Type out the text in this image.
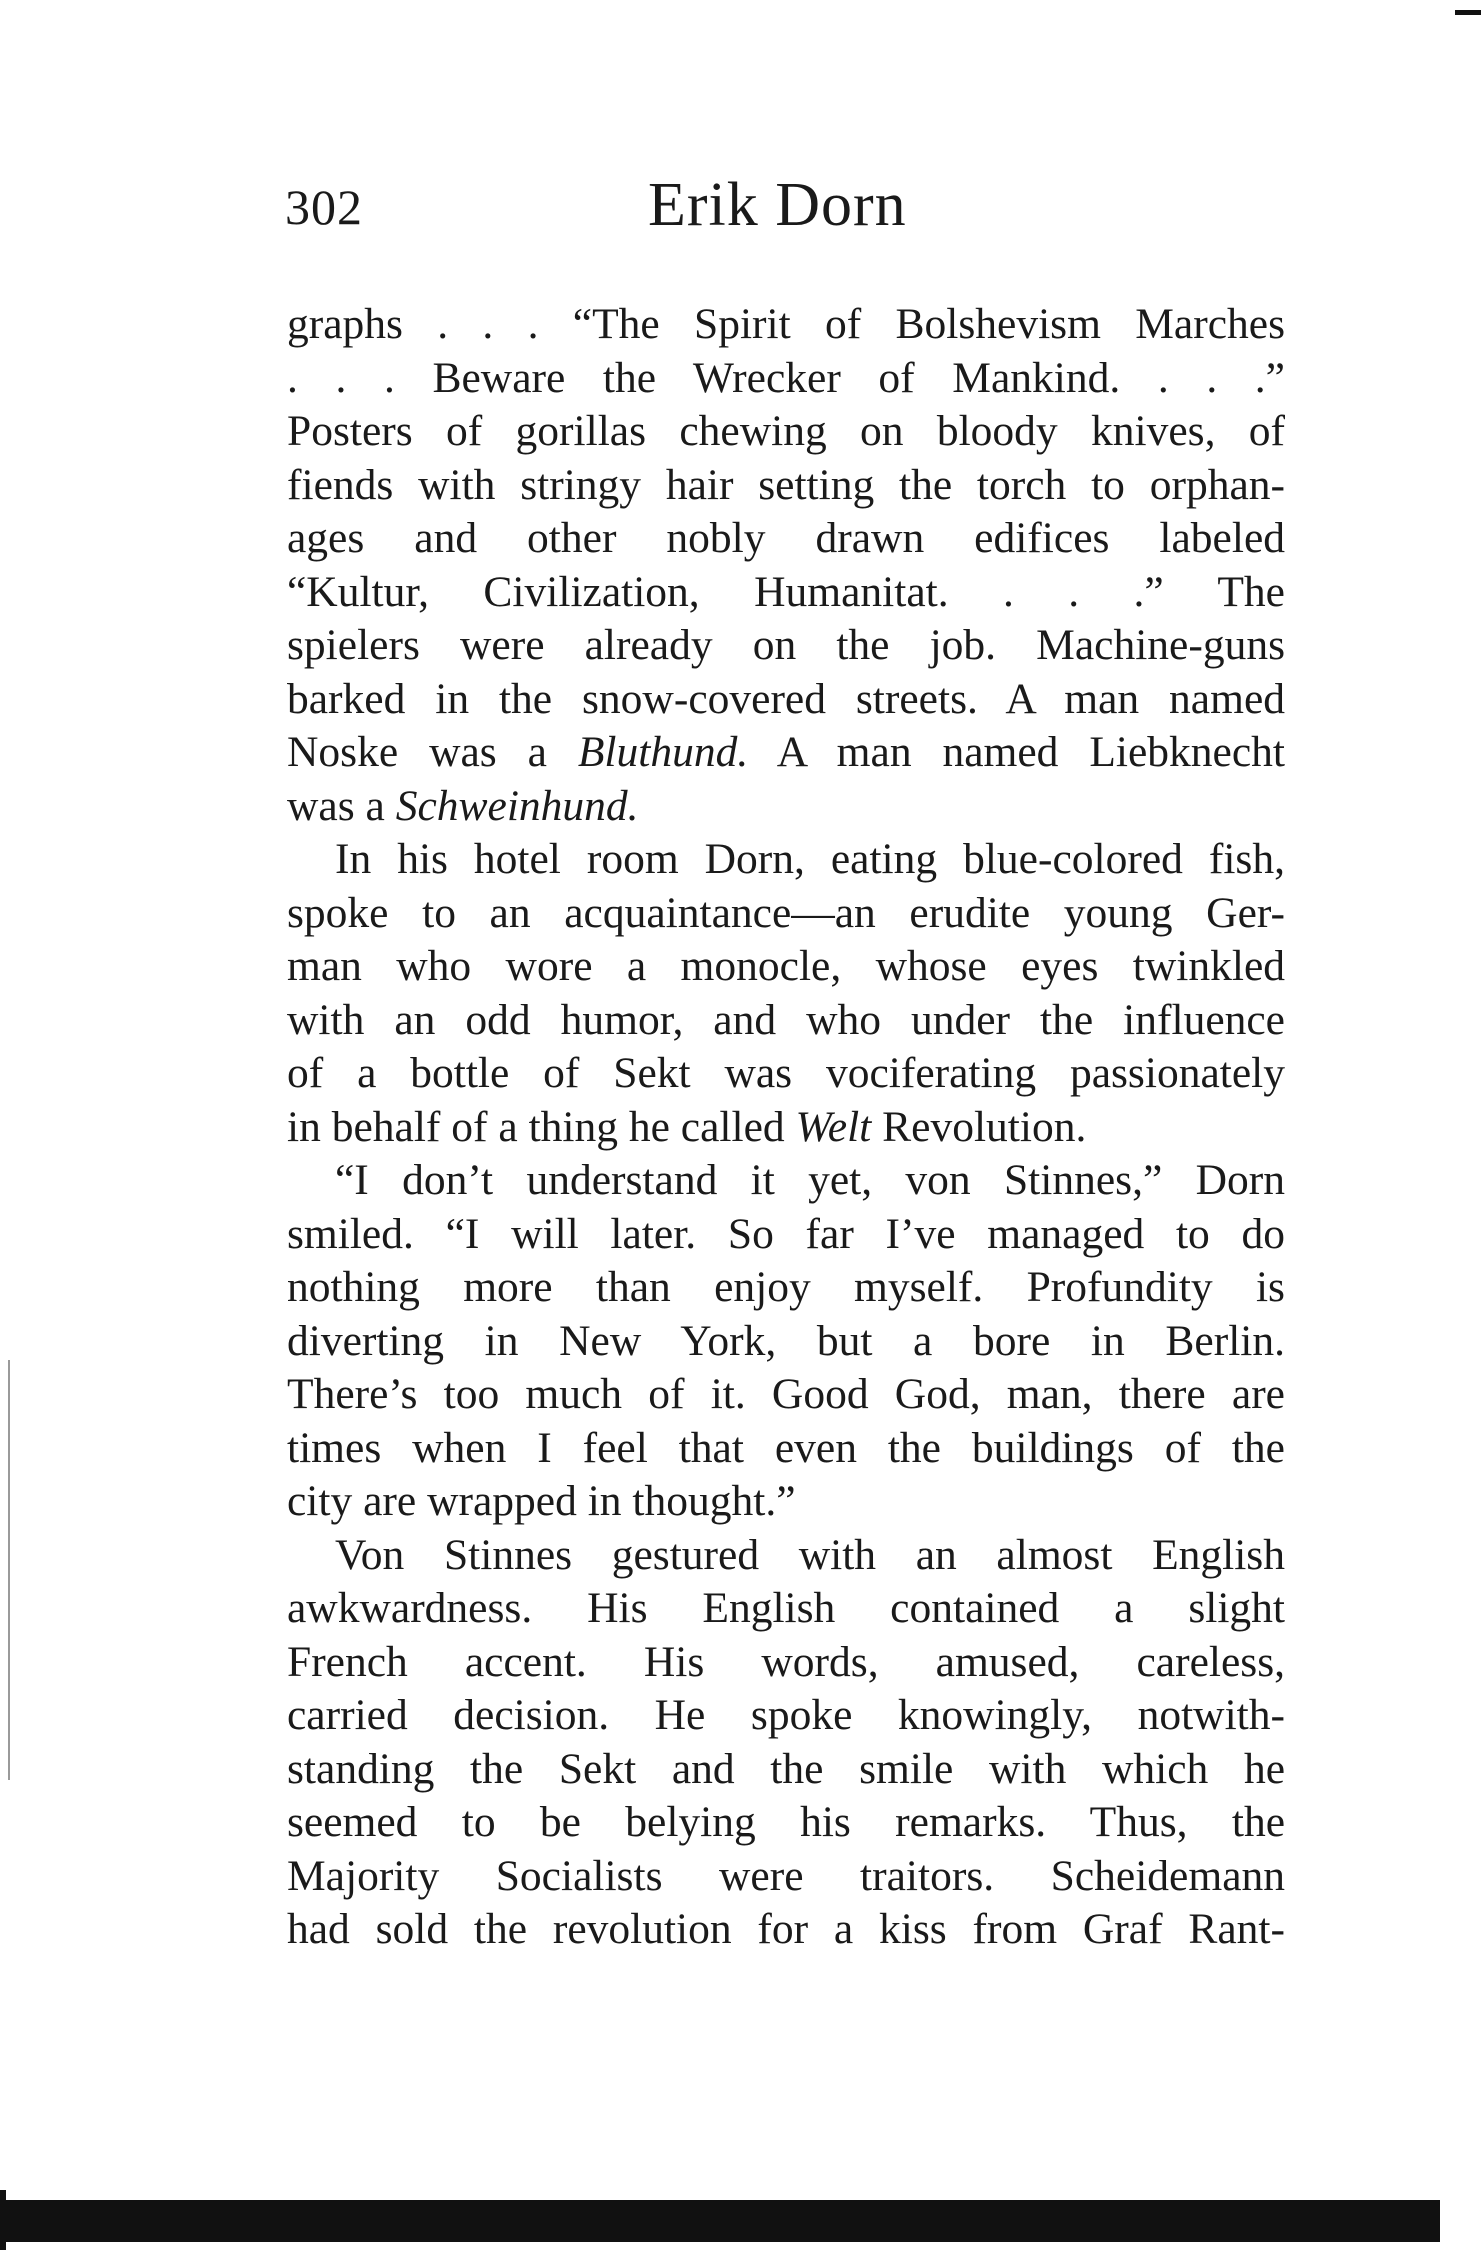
302	Erik Dorn
graphs . . . “The Spirit of Bolshevism Marches
. . . Beware the Wrecker of Mankind. . . .”
Posters of gorillas chewing on bloody knives, of
fiends with stringy hair setting the torch to orphan-
ages and other nobly drawn edifices labeled
“Kultur, Civilization, Humanitat. . . .” The
spielers were already on the job. Machine-guns
barked in the snow-covered streets. A man named
Noske was a Bluthund. A man named Liebknecht
was a Schweinhund.
In his hotel room Dorn, eating blue-colored fish,
spoke to an acquaintance—an erudite young Ger-
man who wore a monocle, whose eyes twinkled
with an odd humor, and who under the influence
of a bottle of Sekt was vociferating passionately
in behalf of a thing he called Welt Revolution.
“I don’t understand it yet, von Stinnes,” Dorn
smiled. “I will later. So far I’ve managed to do
nothing more than enjoy myself. Profundity is
diverting in New York, but a bore in Berlin.
There’s too much of it. Good God, man, there are
times when I feel that even the buildings of the
city are wrapped in thought.”
Von Stinnes gestured with an almost English
awkwardness. His English contained a slight
French accent. His words, amused, careless,
carried decision. He spoke knowingly, notwith-
standing the Sekt and the smile with which he
seemed to be belying his remarks. Thus, the
Majority Socialists were traitors. Scheidemann
had sold the revolution for a kiss from Graf Rant-
